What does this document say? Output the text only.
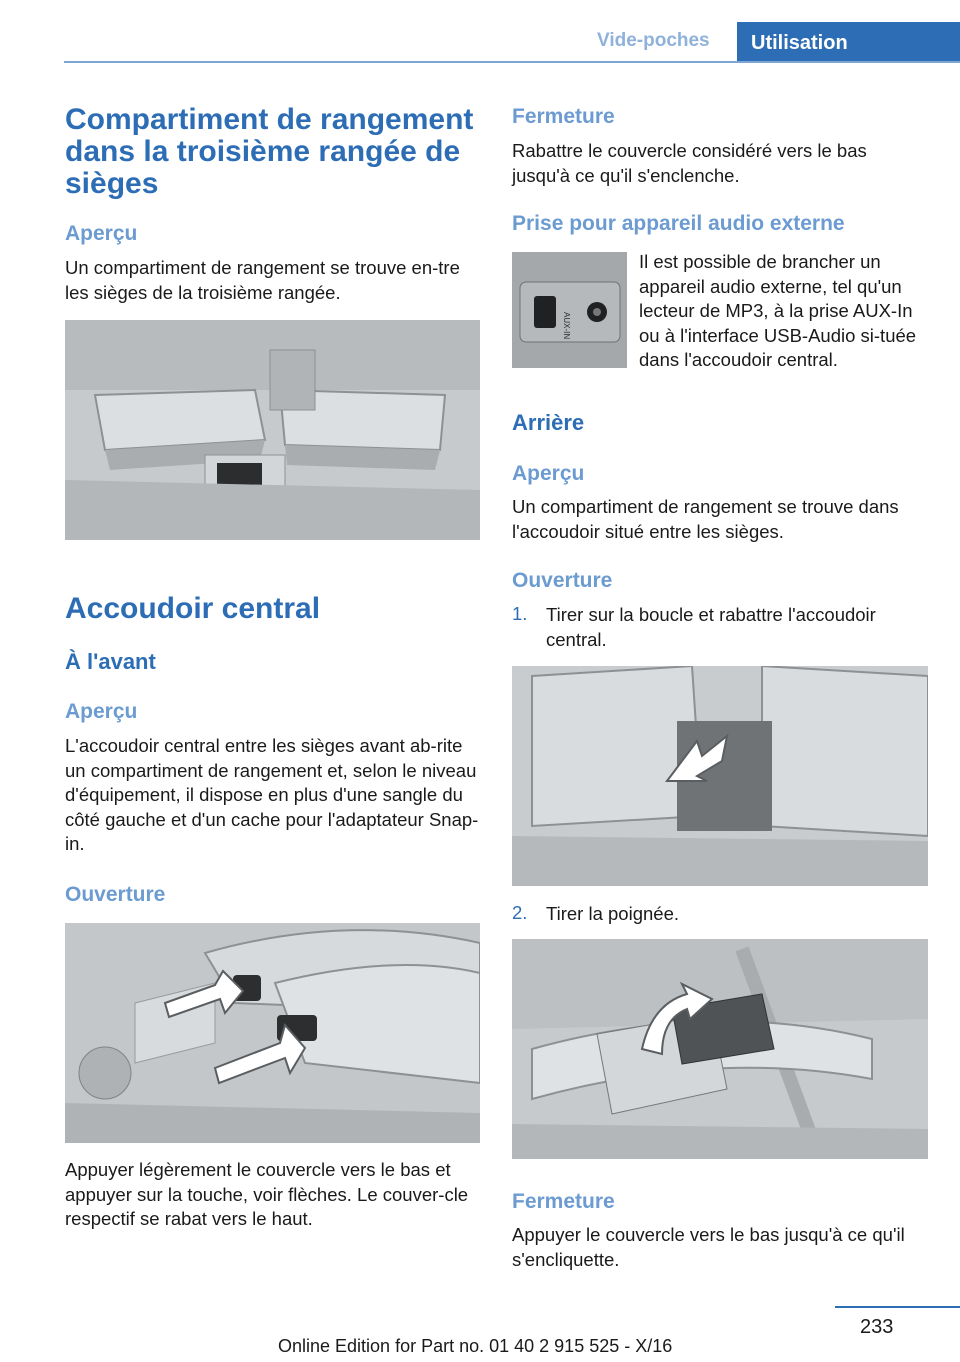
Vide-poches	Utilisation
Compartiment de rangement dans la troisième rangée de sièges
Aperçu

Un compartiment de rangement se trouve en‐tre les sièges de la troisième rangée.

Accoudoir central
À l'avant
Aperçu

L'accoudoir central entre les sièges avant ab‐rite un compartiment de rangement et, selon le niveau d'équipement, il dispose en plus d'une sangle du côté gauche et d'un cache pour l'adaptateur Snap-in.

Ouverture

Appuyer légèrement le couvercle vers le bas et appuyer sur la touche, voir flèches. Le couver‐cle respectif se rabat vers le haut.

Fermeture

Rabattre le couvercle considéré vers le bas jusqu'à ce qu'il s'enclenche.

Prise pour appareil audio externe
AUX-IN

Il est possible de brancher un appareil audio externe, tel qu'un lecteur de MP3, à la prise AUX-In ou à l'interface USB-Audio si‐tuée dans l'accoudoir central.

Arrière
Aperçu

Un compartiment de rangement se trouve dans l'accoudoir situé entre les sièges.

Ouverture
1. Tirer sur la boucle et rabattre l'accoudoir central.
2. Tirer la poignée.
Fermeture

Appuyer le couvercle vers le bas jusqu'à ce qu'il s'encliquette.

233
Online Edition for Part no. 01 40 2 915 525 - X/16
